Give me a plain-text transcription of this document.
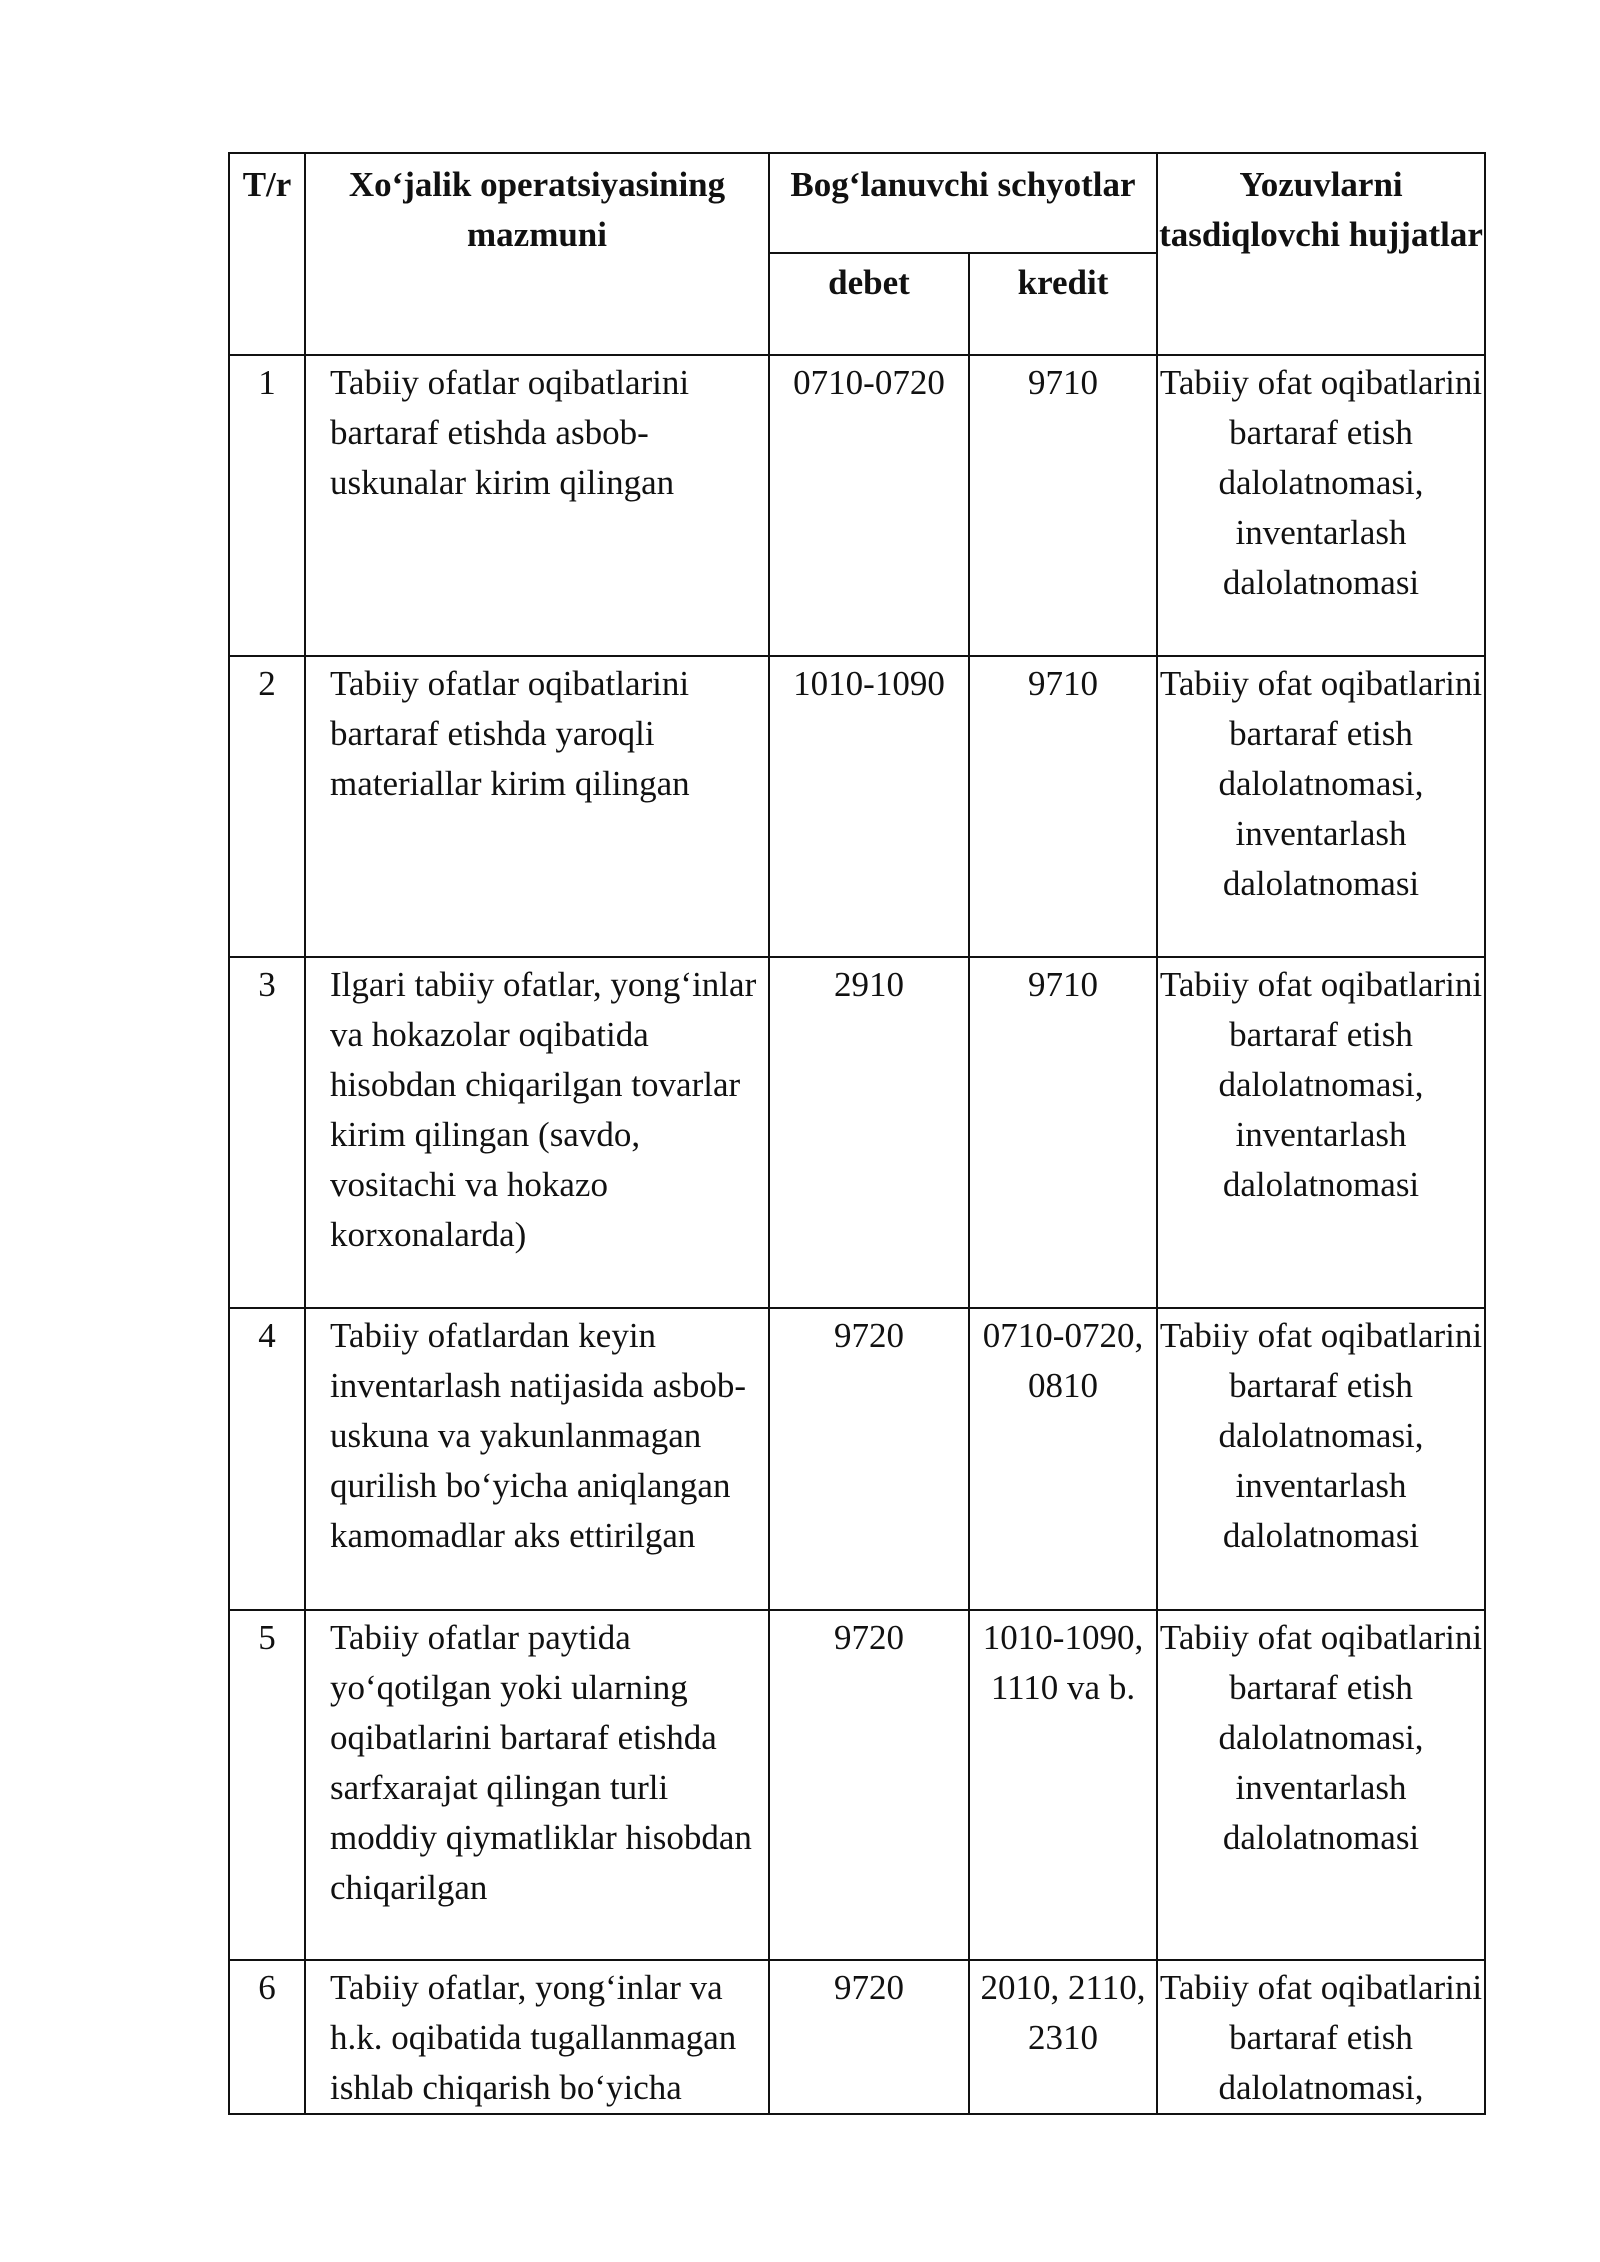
T/r	Xo‘jalik operatsiyasining mazmuni	Bog‘lanuvchi schyotlar		Yozuvlarni tasdiqlovchi hujjatlar
		debet	kredit	
1	Tabiiy ofatlar oqibatlarini bartaraf etishda asbob-uskunalar kirim qilingan	0710-0720	9710	Tabiiy ofat oqibatlarini bartaraf etish dalolatnomasi, inventarlash dalolatnomasi
2	Tabiiy ofatlar oqibatlarini bartaraf etishda yaroqli materiallar kirim qilingan	1010-1090	9710	Tabiiy ofat oqibatlarini bartaraf etish dalolatnomasi, inventarlash dalolatnomasi
3	Ilgari tabiiy ofatlar, yong‘inlar va hokazolar oqibatida hisobdan chiqarilgan tovarlar kirim qilingan (savdo, vositachi va hokazo korxonalarda)	2910	9710	Tabiiy ofat oqibatlarini bartaraf etish dalolatnomasi, inventarlash dalolatnomasi
4	Tabiiy ofatlardan keyin inventarlash natijasida asbob-uskuna va yakunlanmagan qurilish bo‘yicha aniqlangan kamomadlar aks ettirilgan	9720	0710-0720, 0810	Tabiiy ofat oqibatlarini bartaraf etish dalolatnomasi, inventarlash dalolatnomasi
5	Tabiiy ofatlar paytida yo‘qotilgan yoki ularning oqibatlarini bartaraf etishda sarfxarajat qilingan turli moddiy qiymatliklar hisobdan chiqarilgan	9720	1010-1090, 1110 va b.	Tabiiy ofat oqibatlarini bartaraf etish dalolatnomasi, inventarlash dalolatnomasi
6	Tabiiy ofatlar, yong‘inlar va h.k. oqibatida tugallanmagan ishlab chiqarish bo‘yicha	9720	2010, 2110, 2310	Tabiiy ofat oqibatlarini bartaraf etish dalolatnomasi,
